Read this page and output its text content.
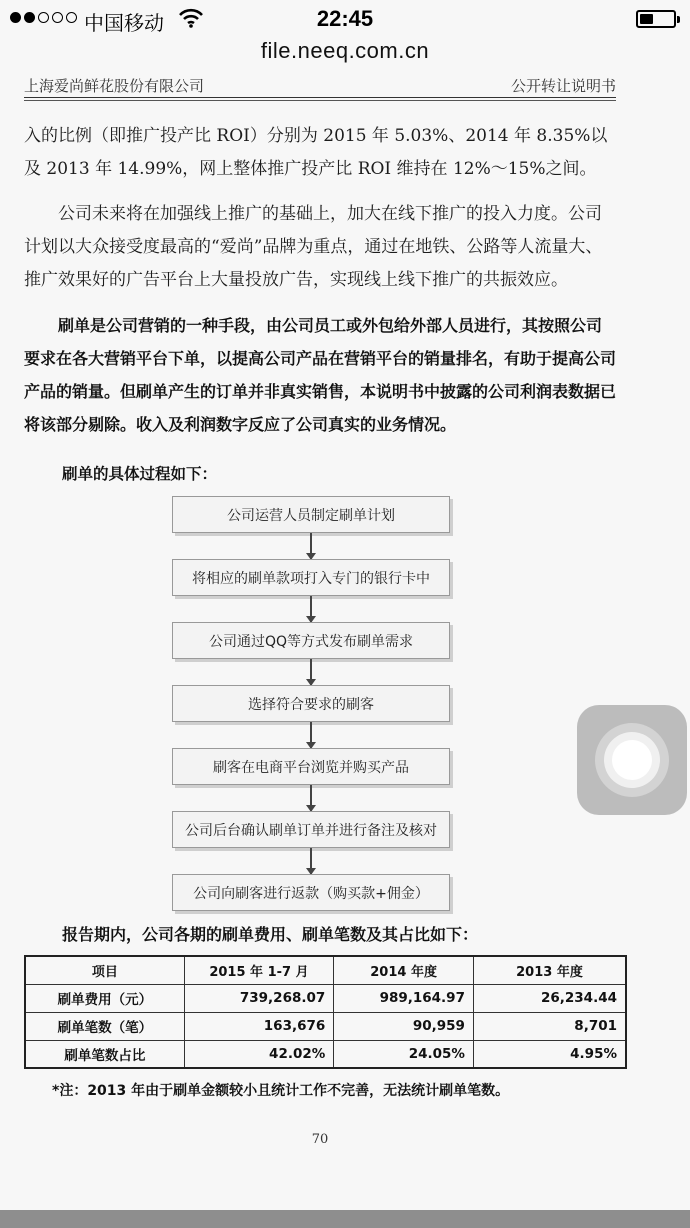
中国移动	22:45
file.neeq.com.cn
上海爱尚鲜花股份有限公司	公开转让说明书

入的比例（即推广投产比 ROI）分别为 2015 年 5.03%、2014 年 8.35%以及 2013 年 14.99%，网上整体推广投产比 ROI 维持在 12%～15%之间。

公司未来将在加强线上推广的基础上，加大在线下推广的投入力度。公司计划以大众接受度最高的“爱尚”品牌为重点，通过在地铁、公路等人流量大、推广效果好的广告平台上大量投放广告，实现线上线下推广的共振效应。

刷单是公司营销的一种手段，由公司员工或外包给外部人员进行，其按照公司要求在各大营销平台下单，以提高公司产品在营销平台的销量排名，有助于提高公司产品的销量。但刷单产生的订单并非真实销售，本说明书中披露的公司利润表数据已将该部分剔除。收入及利润数字反应了公司真实的业务情况。

刷单的具体过程如下：
公司运营人员制定刷单计划
将相应的刷单款项打入专门的银行卡中
公司通过QQ等方式发布刷单需求
选择符合要求的刷客
刷客在电商平台浏览并购买产品
公司后台确认刷单订单并进行备注及核对
公司向刷客进行返款（购买款+佣金）
报告期内，公司各期的刷单费用、刷单笔数及其占比如下：
项目	2015 年 1-7 月	2014 年度	2013 年度
刷单费用（元）	739,268.07	989,164.97	26,234.44
刷单笔数（笔）	163,676	90,959	8,701
刷单笔数占比	42.02%	24.05%	4.95%
*注：2013 年由于刷单金额较小且统计工作不完善，无法统计刷单笔数。
70
